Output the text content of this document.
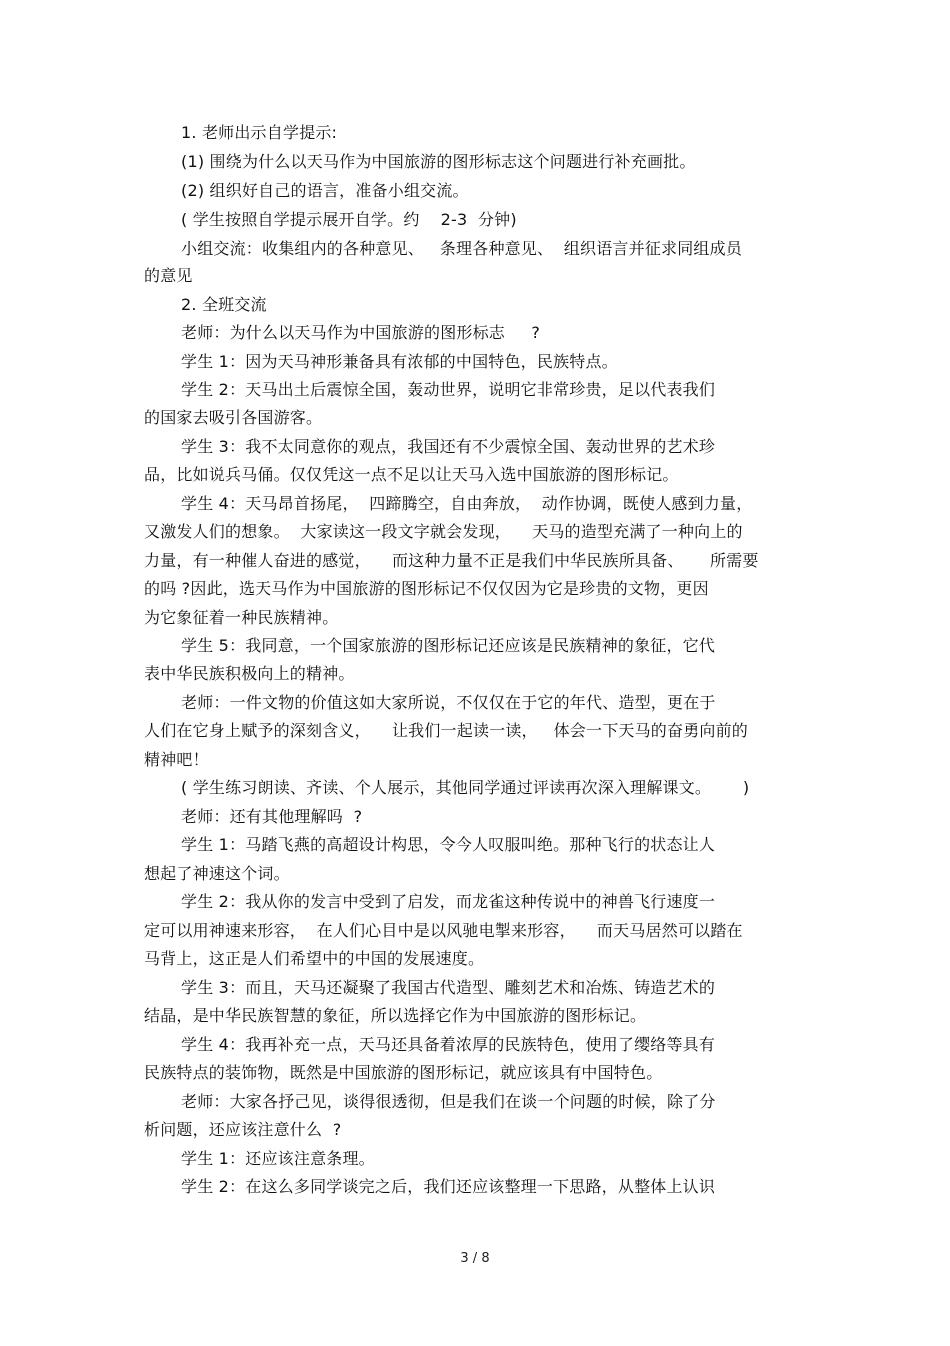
1. 老师出示自学提示:
(1) 围绕为什么以天马作为中国旅游的图形标志这个问题进行补充画批。
(2) 组织好自己的语言，准备小组交流。
( 学生按照自学提示展开自学。约    2-3  分钟)
小组交流：收集组内的各种意见、   条理各种意见、  组织语言并征求同组成员
的意见
2. 全班交流
老师：为什么以天马作为中国旅游的图形标志     ?
学生 1：因为天马神形兼备具有浓郁的中国特色，民族特点。
学生 2：天马出土后震惊全国，轰动世界，说明它非常珍贵，足以代表我们
的国家去吸引各国游客。
学生 3：我不太同意你的观点，我国还有不少震惊全国、轰动世界的艺术珍
品，比如说兵马俑。仅仅凭这一点不足以让天马入选中国旅游的图形标记。
学生 4：天马昂首扬尾，  四蹄腾空，自由奔放，  动作协调，既使人感到力量，
又激发人们的想象。  大家读这一段文字就会发现，    天马的造型充满了一种向上的
力量，有一种催人奋进的感觉，    而这种力量不正是我们中华民族所具备、     所需要
的吗 ?因此，选天马作为中国旅游的图形标记不仅仅因为它是珍贵的文物，更因
为它象征着一种民族精神。
学生 5：我同意，一个国家旅游的图形标记还应该是民族精神的象征，它代
表中华民族积极向上的精神。
老师：一件文物的价值这如大家所说，不仅仅在于它的年代、造型，更在于
人们在它身上赋予的深刻含义，    让我们一起读一读，   体会一下天马的奋勇向前的
精神吧！
( 学生练习朗读、齐读、个人展示，其他同学通过评读再次深入理解课文。      )
老师：还有其他理解吗  ?
学生 1：马踏飞燕的高超设计构思，令今人叹服叫绝。那种飞行的状态让人
想起了神速这个词。
学生 2：我从你的发言中受到了启发，而龙雀这种传说中的神兽飞行速度一
定可以用神速来形容，  在人们心目中是以风驰电掣来形容，    而天马居然可以踏在
马背上，这正是人们希望中的中国的发展速度。
学生 3：而且，天马还凝聚了我国古代造型、雕刻艺术和冶炼、铸造艺术的
结晶，是中华民族智慧的象征，所以选择它作为中国旅游的图形标记。
学生 4：我再补充一点，天马还具备着浓厚的民族特色，使用了缨络等具有
民族特点的装饰物，既然是中国旅游的图形标记，就应该具有中国特色。
老师：大家各抒己见，谈得很透彻，但是我们在谈一个问题的时候，除了分
析问题，还应该注意什么  ?
学生 1：还应该注意条理。
学生 2：在这么多同学谈完之后，我们还应该整理一下思路，从整体上认识
3 / 8
